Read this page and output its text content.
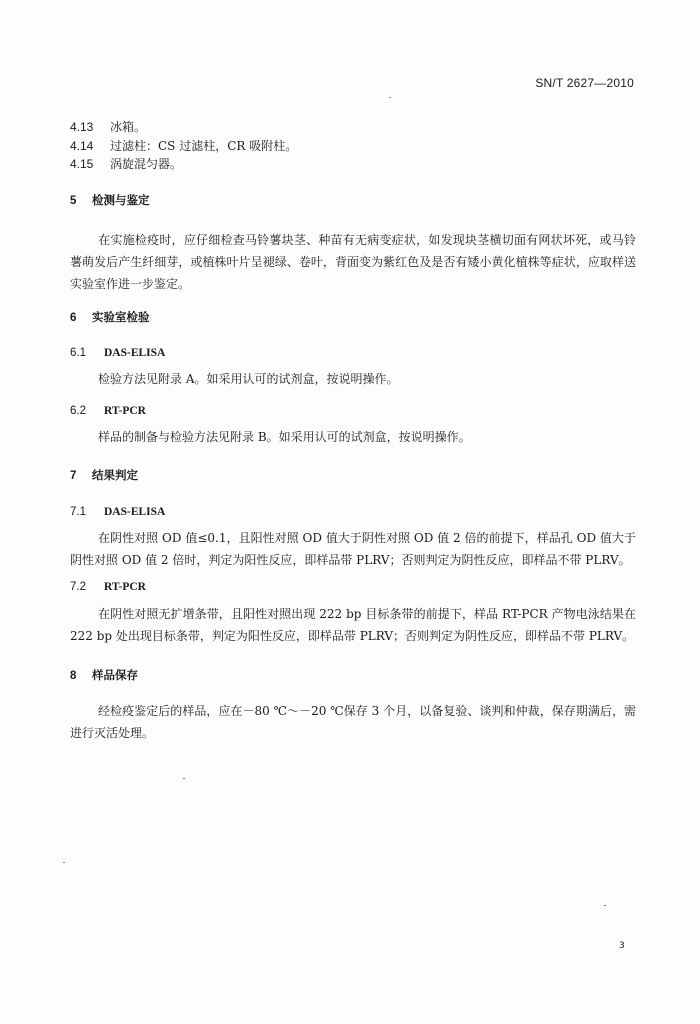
SN/T 2627—2010
4.13 冰箱。
4.14 过滤柱：CS 过滤柱，CR 吸附柱。
4.15 涡旋混匀器。
5 检测与鉴定
在实施检疫时，应仔细检查马铃薯块茎、种苗有无病变症状，如发现块茎横切面有网状坏死，或马铃薯萌发后产生纤细芽，或植株叶片呈褪绿、卷叶，背面变为紫红色及是否有矮小黄化植株等症状，应取样送实验室作进一步鉴定。
6 实验室检验
6.1 DAS-ELISA
检验方法见附录 A。如采用认可的试剂盒，按说明操作。
6.2 RT-PCR
样品的制备与检验方法见附录 B。如采用认可的试剂盒，按说明操作。
7 结果判定
7.1 DAS-ELISA
在阴性对照 OD 值≤0.1，且阳性对照 OD 值大于阴性对照 OD 值 2 倍的前提下，样品孔 OD 值大于阴性对照 OD 值 2 倍时，判定为阳性反应，即样品带 PLRV；否则判定为阴性反应，即样品不带 PLRV。
7.2 RT-PCR
在阴性对照无扩增条带，且阳性对照出现 222 bp 目标条带的前提下，样品 RT-PCR 产物电泳结果在 222 bp 处出现目标条带，判定为阳性反应，即样品带 PLRV；否则判定为阴性反应，即样品不带 PLRV。
8 样品保存
经检疫鉴定后的样品，应在－80 ℃～－20 ℃保存 3 个月，以备复验、谈判和仲裁，保存期满后，需进行灭活处理。
3
